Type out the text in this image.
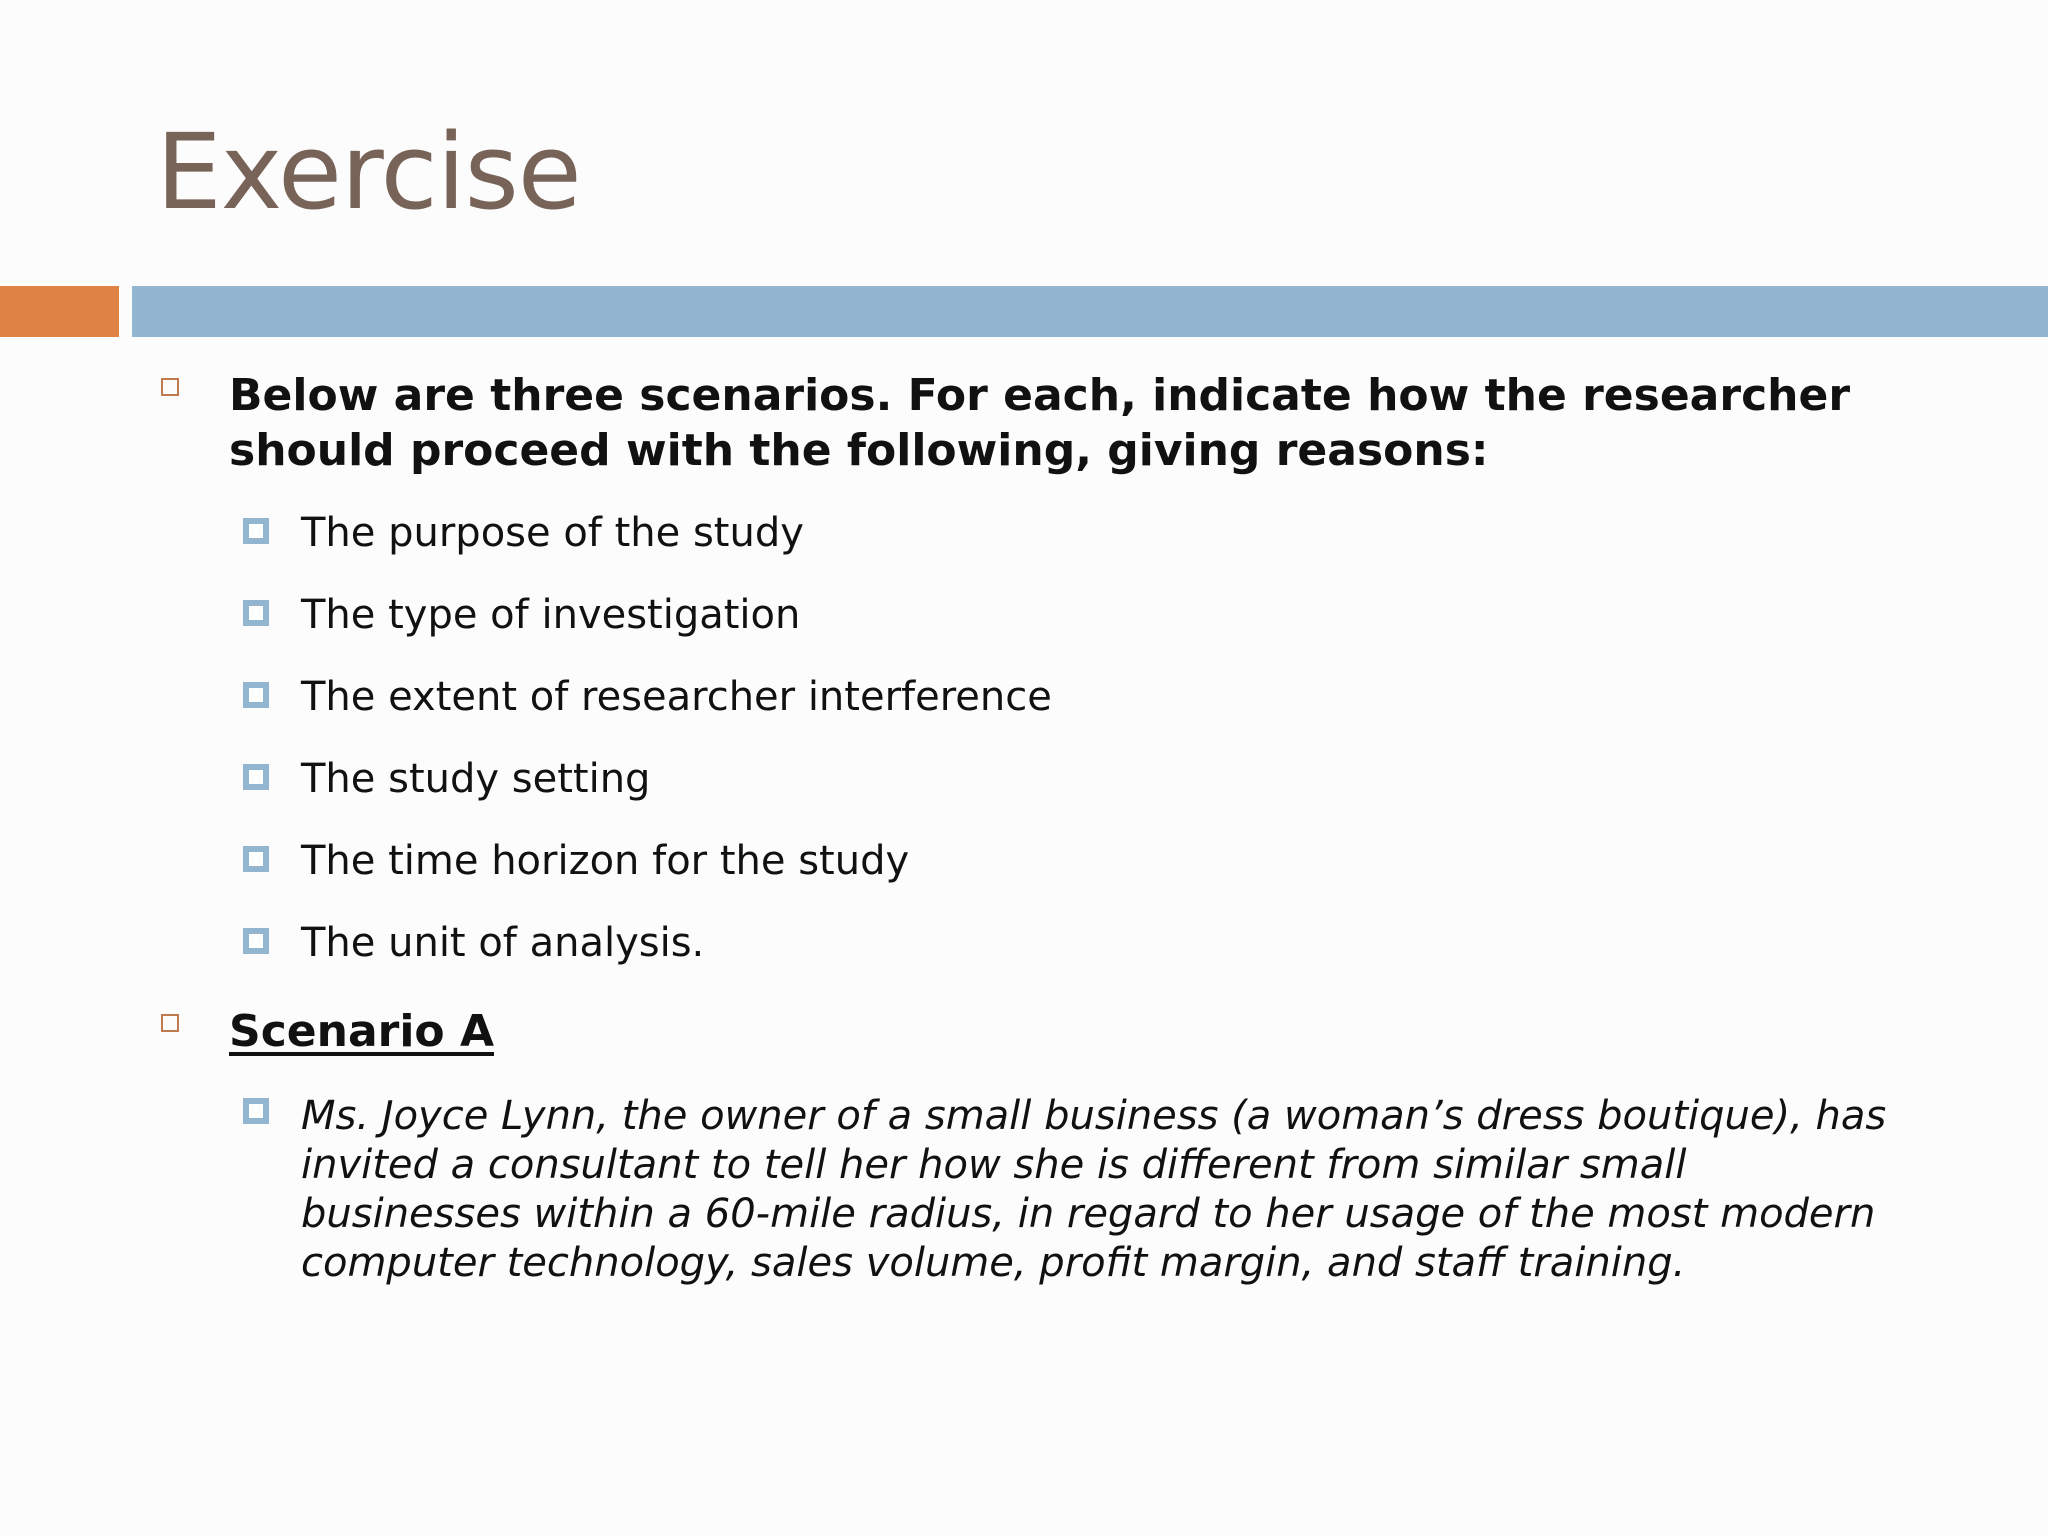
Exercise
Below are three scenarios. For each, indicate how the researcher should proceed with the following, giving reasons:
The purpose of the study
The type of investigation
The extent of researcher interference
The study setting
The time horizon for the study
The unit of analysis.
Scenario A
Ms. Joyce Lynn, the owner of a small business (a woman’s dress boutique), has invited a consultant to tell her how she is different from similar small businesses within a 60-mile radius, in regard to her usage of the most modern computer technology, sales volume, profit margin, and staff training.
